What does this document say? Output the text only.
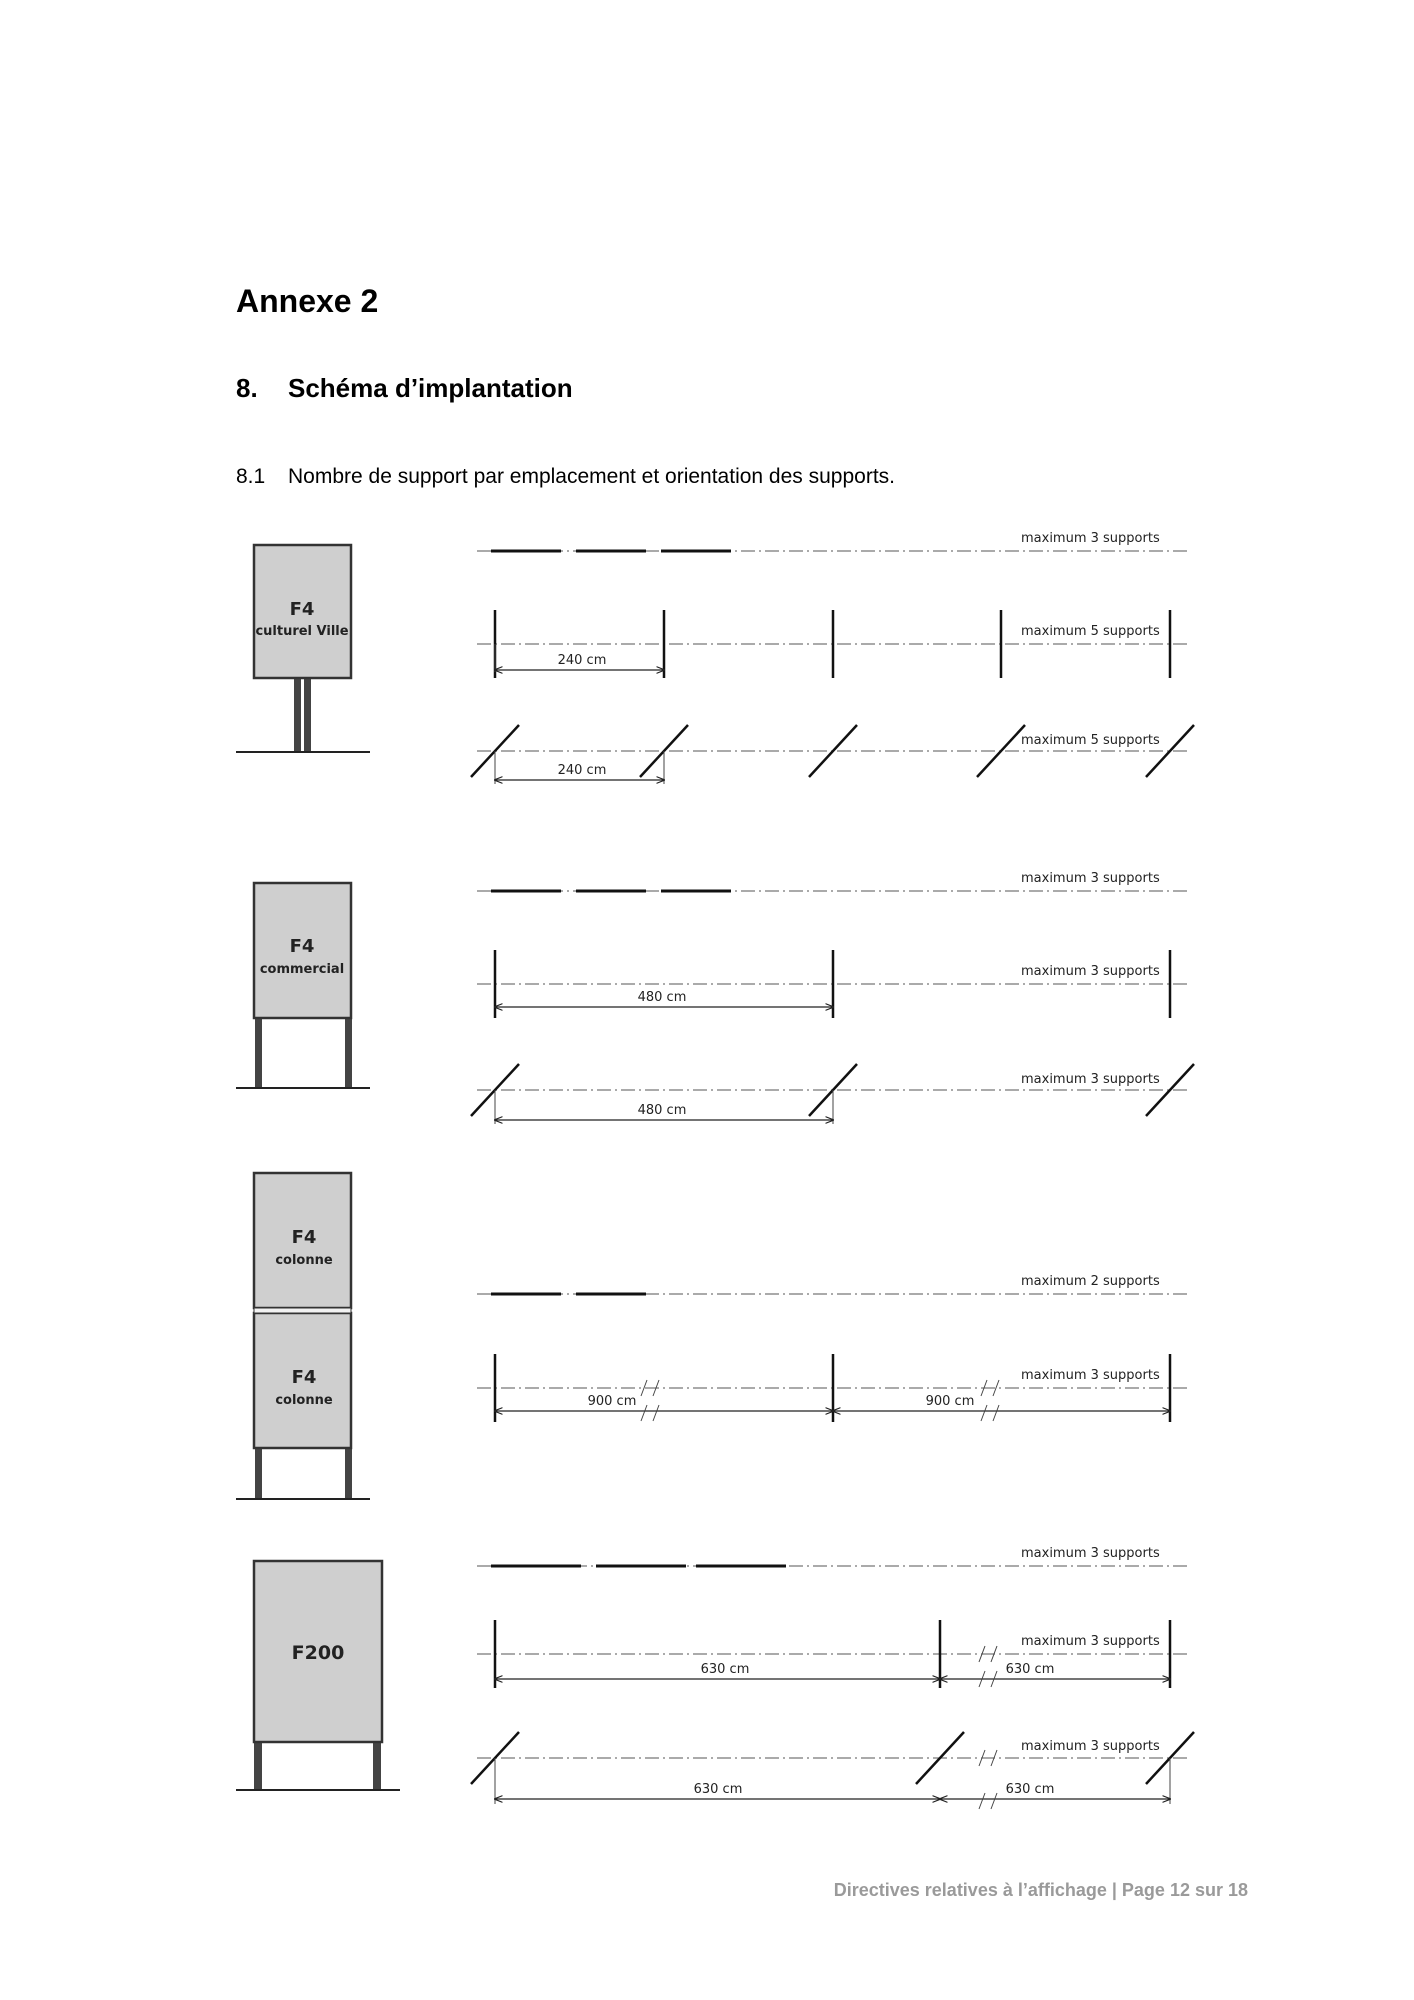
Annexe 2
8. Schéma d’implantation
8.1 Nombre de support par emplacement et orientation des supports.
F4
culturel Ville
F4
commercial
F4
colonne
F4
colonne
F200
maximum 3 supports
maximum 5 supports
240 cm
maximum 5 supports
240 cm
maximum 3 supports
maximum 3 supports
480 cm
maximum 3 supports
480 cm
maximum 2 supports
maximum 3 supports
900 cm	900 cm
maximum 3 supports
maximum 3 supports
630 cm	630 cm
maximum 3 supports
630 cm	630 cm
Directives relatives à l’affichage | Page 12 sur 18
